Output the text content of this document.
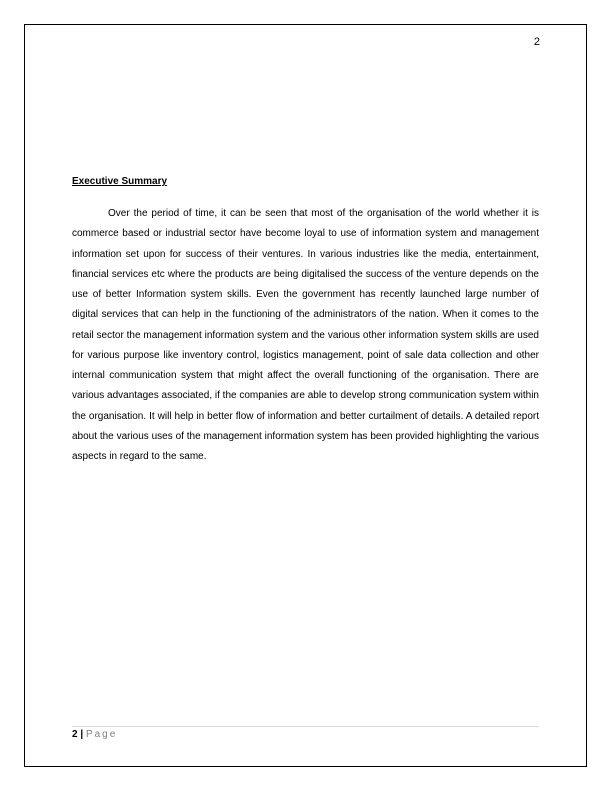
2
Executive Summary

Over the period of time, it can be seen that most of the organisation of the world whether it is commerce based or industrial sector have become loyal to use of information system and management information set upon for success of their ventures. In various industries like the media, entertainment, financial services etc where the products are being digitalised the success of the venture depends on the use of better Information system skills. Even the government has recently launched large number of digital services that can help in the functioning of the administrators of the nation. When it comes to the retail sector the management information system and the various other information system skills are used for various purpose like inventory control, logistics management, point of sale data collection and other internal communication system that might affect the overall functioning of the organisation. There are various advantages associated, if the companies are able to develop strong communication system within the organisation. It will help in better flow of information and better curtailment of details. A detailed report about the various uses of the management information system has been provided highlighting the various aspects in regard to the same.

2 | Page
